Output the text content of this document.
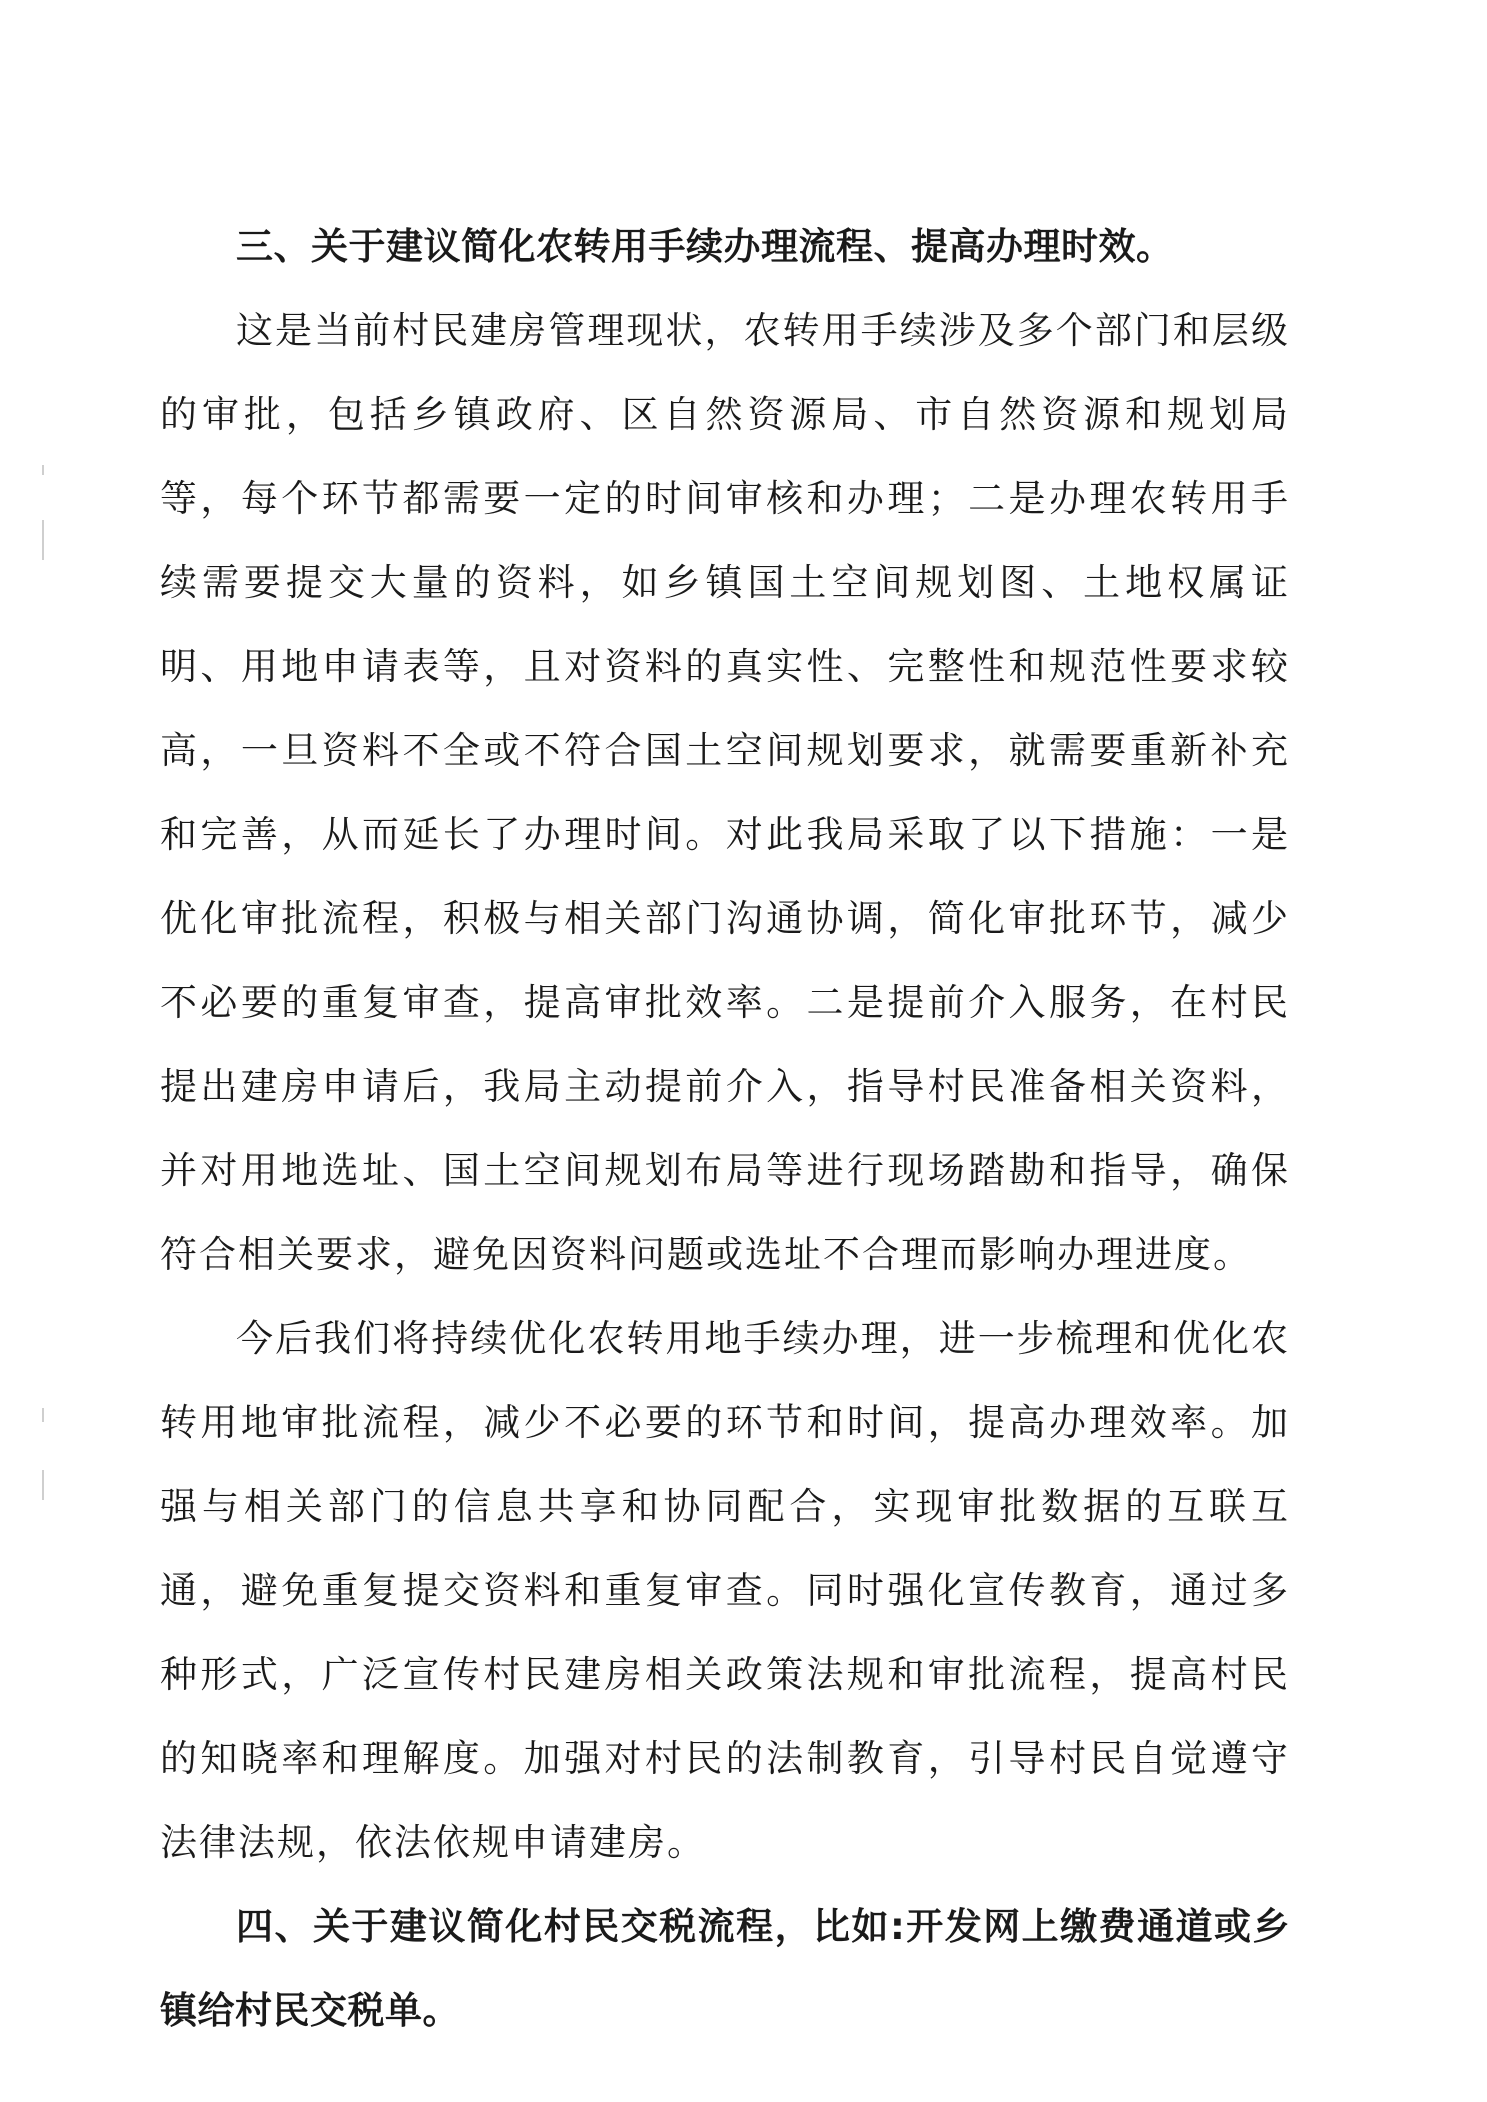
三、关于建议简化农转用手续办理流程、提高办理时效。

这是当前村民建房管理现状，农转用手续涉及多个部门和层级的审批，包括乡镇政府、区自然资源局、市自然资源和规划局等，每个环节都需要一定的时间审核和办理；二是办理农转用手续需要提交大量的资料，如乡镇国土空间规划图、土地权属证明、用地申请表等，且对资料的真实性、完整性和规范性要求较高，一旦资料不全或不符合国土空间规划要求，就需要重新补充和完善，从而延长了办理时间。对此我局采取了以下措施：一是优化审批流程，积极与相关部门沟通协调，简化审批环节，减少不必要的重复审查，提高审批效率。二是提前介入服务，在村民提出建房申请后，我局主动提前介入，指导村民准备相关资料，并对用地选址、国土空间规划布局等进行现场踏勘和指导，确保符合相关要求，避免因资料问题或选址不合理而影响办理进度。

今后我们将持续优化农转用地手续办理，进一步梳理和优化农转用地审批流程，减少不必要的环节和时间，提高办理效率。加强与相关部门的信息共享和协同配合，实现审批数据的互联互通，避免重复提交资料和重复审查。同时强化宣传教育，通过多种形式，广泛宣传村民建房相关政策法规和审批流程，提高村民的知晓率和理解度。加强对村民的法制教育，引导村民自觉遵守法律法规，依法依规申请建房。

四、关于建议简化村民交税流程，比如:开发网上缴费通道或乡镇给村民交税单。
